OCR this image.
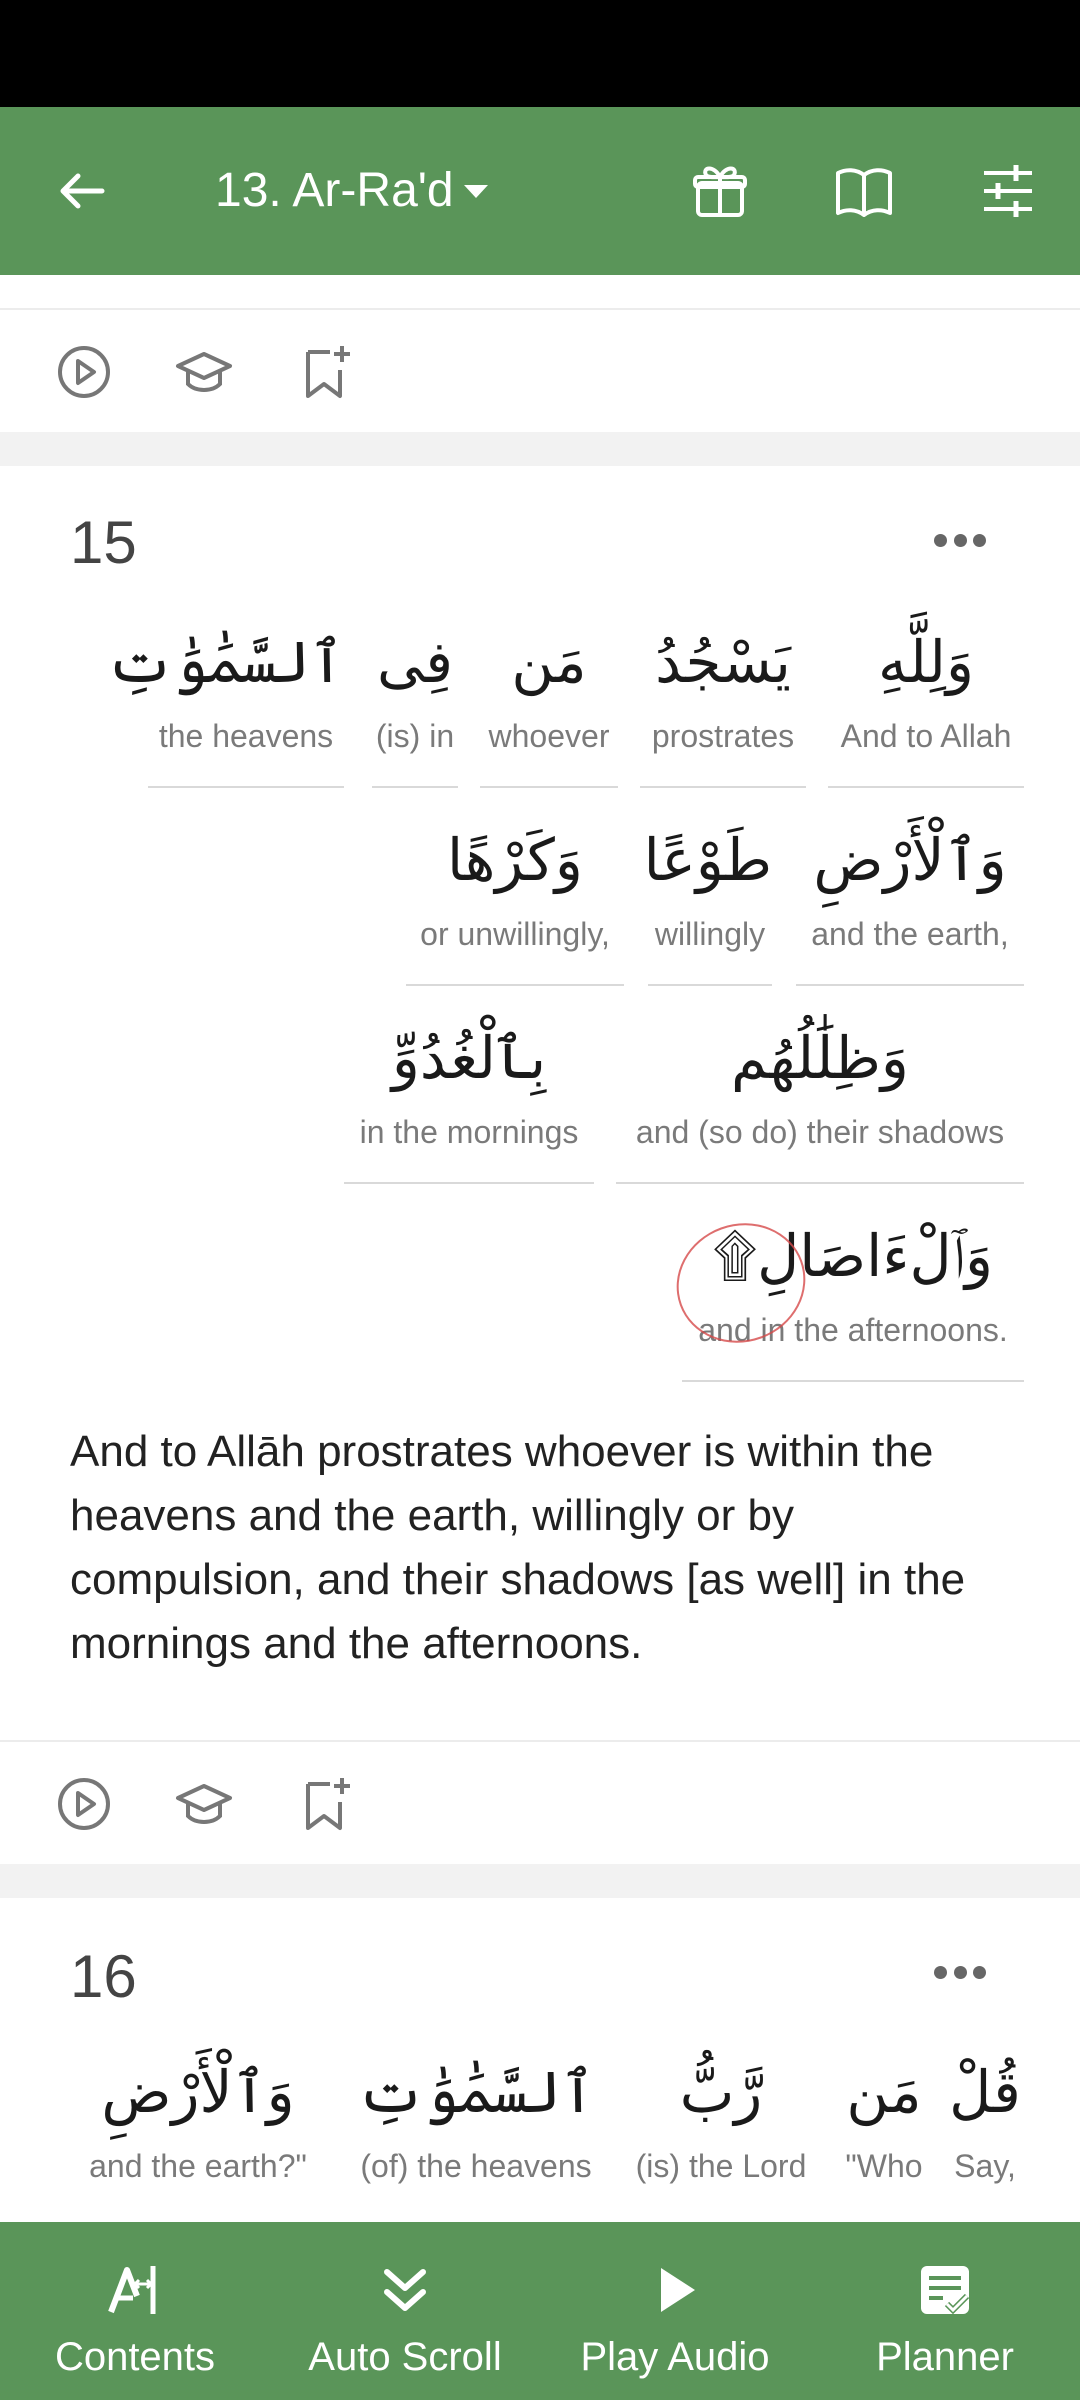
13. Ar-Ra'd
15
وَلِلَّهِ
And to Allah
يَسْجُدُ
prostrates
مَن
whoever
فِى
(is) in
ٱلسَّمَٰوَٰتِ
the heavens
وَٱلْأَرْضِ
and the earth,
طَوْعًا
willingly
وَكَرْهًا
or unwillingly,
وَظِلَٰلُهُم
and (so do) their shadows
بِٱلْغُدُوِّ
in the mornings
وَٱلْءَاصَالِ۩
and in the afternoons.
And to Allāh prostrates whoever is within the heavens and the earth, willingly or by compulsion, and their shadows [as well] in the mornings and the afternoons.
16
قُلْ
Say,
مَن
"Who
رَّبُّ
(is) the Lord
ٱلسَّمَٰوَٰتِ
(of) the heavens
وَٱلْأَرْضِ
and the earth?"
Contents Auto Scroll Play Audio	Planner
